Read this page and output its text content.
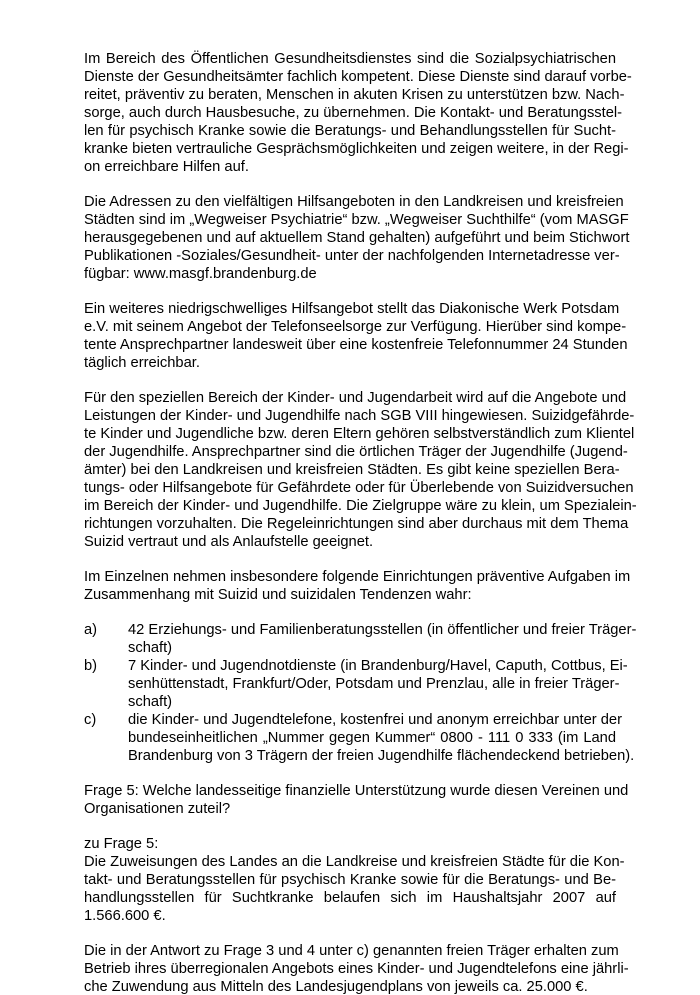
Im Bereich des Öffentlichen Gesundheitsdienstes sind die Sozialpsychiatrischen
Dienste der Gesundheitsämter fachlich kompetent. Diese Dienste sind darauf vorbe-
reitet, präventiv zu beraten, Menschen in akuten Krisen zu unterstützen bzw. Nach-
sorge, auch durch Hausbesuche, zu übernehmen. Die Kontakt- und Beratungsstel-
len für psychisch Kranke sowie die Beratungs- und Behandlungsstellen für Sucht-
kranke bieten vertrauliche Gesprächsmöglichkeiten und zeigen weitere, in der Regi-
on erreichbare Hilfen auf.
Die Adressen zu den vielfältigen Hilfsangeboten in den Landkreisen und kreisfreien
Städten sind im „Wegweiser Psychiatrie“ bzw. „Wegweiser Suchthilfe“ (vom MASGF
herausgegebenen und auf aktuellem Stand gehalten) aufgeführt und beim Stichwort
Publikationen -Soziales/Gesundheit- unter der nachfolgenden Internetadresse ver-
fügbar: www.masgf.brandenburg.de
Ein weiteres niedrigschwelliges Hilfsangebot stellt das Diakonische Werk Potsdam
e.V. mit seinem Angebot der Telefonseelsorge zur Verfügung. Hierüber sind kompe-
tente Ansprechpartner landesweit über eine kostenfreie Telefonnummer 24 Stunden
täglich erreichbar.
Für den speziellen Bereich der Kinder- und Jugendarbeit wird auf die Angebote und
Leistungen der Kinder- und Jugendhilfe nach SGB VIII hingewiesen. Suizidgefährde-
te Kinder und Jugendliche bzw. deren Eltern gehören selbstverständlich zum Klientel
der Jugendhilfe. Ansprechpartner sind die örtlichen Träger der Jugendhilfe (Jugend-
ämter) bei den Landkreisen und kreisfreien Städten. Es gibt keine speziellen Bera-
tungs- oder Hilfsangebote für Gefährdete oder für Überlebende von Suizidversuchen
im Bereich der Kinder- und Jugendhilfe. Die Zielgruppe wäre zu klein, um Spezialein-
richtungen vorzuhalten. Die Regeleinrichtungen sind aber durchaus mit dem Thema
Suizid vertraut und als Anlaufstelle geeignet.
Im Einzelnen nehmen insbesondere folgende Einrichtungen präventive Aufgaben im
Zusammenhang mit Suizid und suizidalen Tendenzen wahr:
a) 42 Erziehungs- und Familienberatungsstellen (in öffentlicher und freier Träger-
schaft)
b) 7 Kinder- und Jugendnotdienste (in Brandenburg/Havel, Caputh, Cottbus, Ei-
senhüttenstadt, Frankfurt/Oder, Potsdam und Prenzlau, alle in freier Träger-
schaft)
c) die Kinder- und Jugendtelefone, kostenfrei und anonym erreichbar unter der
bundeseinheitlichen „Nummer gegen Kummer“ 0800 - 111 0 333 (im Land
Brandenburg von 3 Trägern der freien Jugendhilfe flächendeckend betrieben).
Frage 5: Welche landesseitige finanzielle Unterstützung wurde diesen Vereinen und
Organisationen zuteil?
zu Frage 5:
Die Zuweisungen des Landes an die Landkreise und kreisfreien Städte für die Kon-
takt- und Beratungsstellen für psychisch Kranke sowie für die Beratungs- und Be-
handlungsstellen für Suchtkranke belaufen sich im Haushaltsjahr 2007 auf
1.566.600 €.
Die in der Antwort zu Frage 3 und 4 unter c) genannten freien Träger erhalten zum
Betrieb ihres überregionalen Angebots eines Kinder- und Jugendtelefons eine jährli-
che Zuwendung aus Mitteln des Landesjugendplans von jeweils ca. 25.000 €.
